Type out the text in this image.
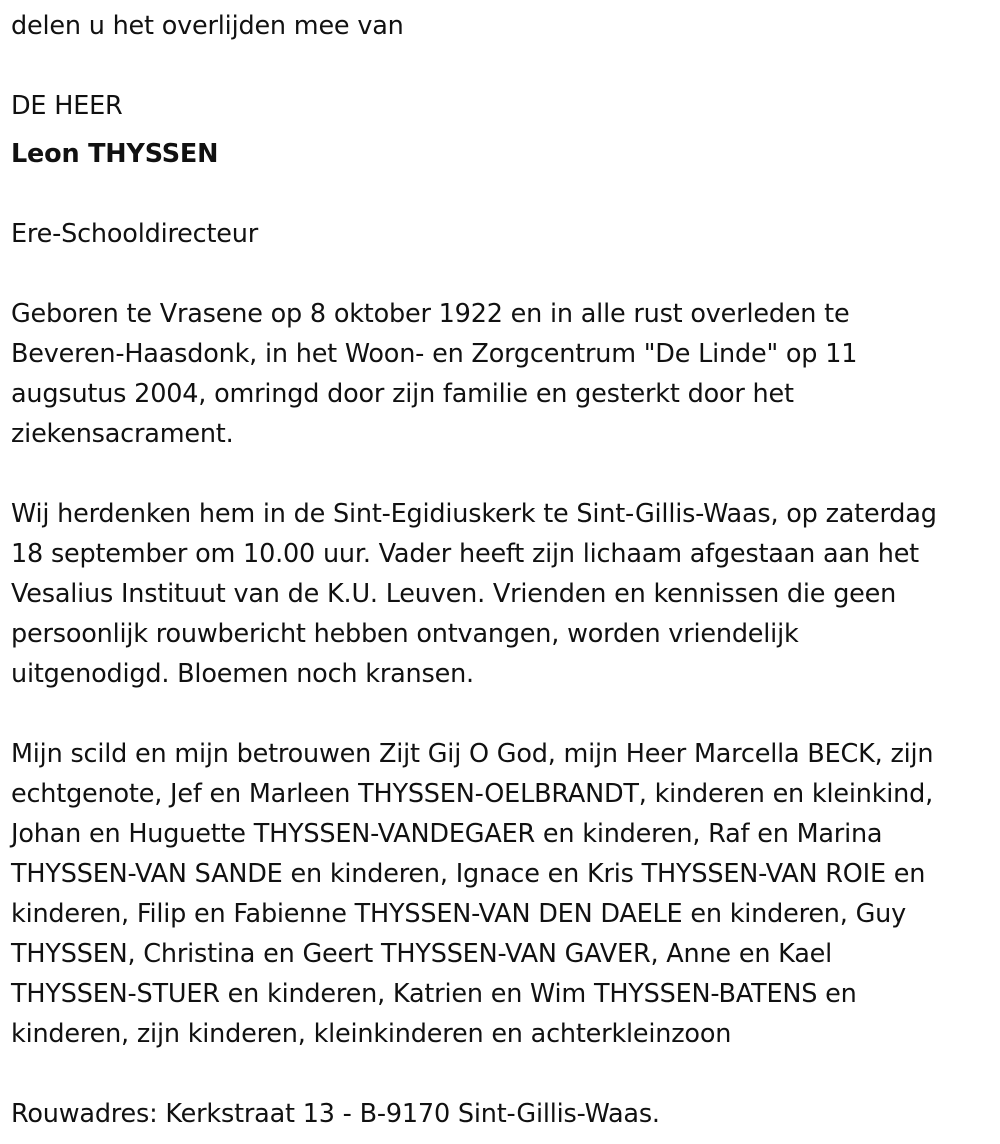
delen u het overlijden mee van

DE HEER

Leon THYSSEN

Ere-Schooldirecteur

Geboren te Vrasene op 8 oktober 1922 en in alle rust overleden te
Beveren-Haasdonk, in het Woon- en Zorgcentrum "De Linde" op 11
augsutus 2004, omringd door zijn familie en gesterkt door het
ziekensacrament.

Wij herdenken hem in de Sint-Egidiuskerk te Sint-Gillis-Waas, op zaterdag
18 september om 10.00 uur. Vader heeft zijn lichaam afgestaan aan het
Vesalius Instituut van de K.U. Leuven. Vrienden en kennissen die geen
persoonlijk rouwbericht hebben ontvangen, worden vriendelijk
uitgenodigd. Bloemen noch kransen.

Mijn scild en mijn betrouwen Zijt Gij O God, mijn Heer Marcella BECK, zijn
echtgenote, Jef en Marleen THYSSEN-OELBRANDT, kinderen en kleinkind,
Johan en Huguette THYSSEN-VANDEGAER en kinderen, Raf en Marina
THYSSEN-VAN SANDE en kinderen, Ignace en Kris THYSSEN-VAN ROIE en
kinderen, Filip en Fabienne THYSSEN-VAN DEN DAELE en kinderen, Guy
THYSSEN, Christina en Geert THYSSEN-VAN GAVER, Anne en Kael
THYSSEN-STUER en kinderen, Katrien en Wim THYSSEN-BATENS en
kinderen, zijn kinderen, kleinkinderen en achterkleinzoon

Rouwadres: Kerkstraat 13 - B-9170 Sint-Gillis-Waas.
